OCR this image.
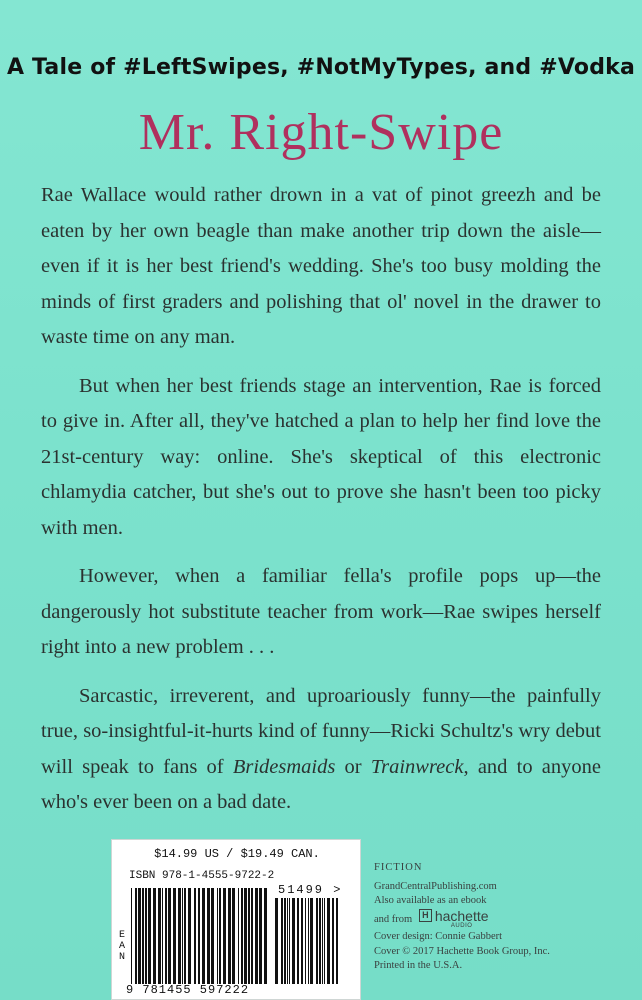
A Tale of #LeftSwipes, #NotMyTypes, and #Vodka
Mr. Right-Swipe

Rae Wallace would rather drown in a vat of pinot greezh and be eaten by her own beagle than make another trip down the aisle—even if it is her best friend's wedding. She's too busy molding the minds of first graders and polishing that ol' novel in the drawer to waste time on any man.

But when her best friends stage an intervention, Rae is forced to give in. After all, they've hatched a plan to help her find love the 21st-century way: online. She's skeptical of this electronic chlamydia catcher, but she's out to prove she hasn't been too picky with men.

However, when a familiar fella's profile pops up—the dangerously hot substitute teacher from work—Rae swipes herself right into a new problem . . .

Sarcastic, irreverent, and uproariously funny—the painfully true, so-insightful-it-hurts kind of funny—Ricki Schultz's wry debut will speak to fans of Bridesmaids or Trainwreck, and to anyone who's ever been on a bad date.

$14.99 US / $19.49 CAN.
ISBN 978-1-4555-9722-2
EAN
51499 >
9 781455 597222
FICTION
GrandCentralPublishing.com
Also available as an ebook
and from H hachette
AUDIO
Cover design: Connie Gabbert
Cover © 2017 Hachette Book Group, Inc.
Printed in the U.S.A.
